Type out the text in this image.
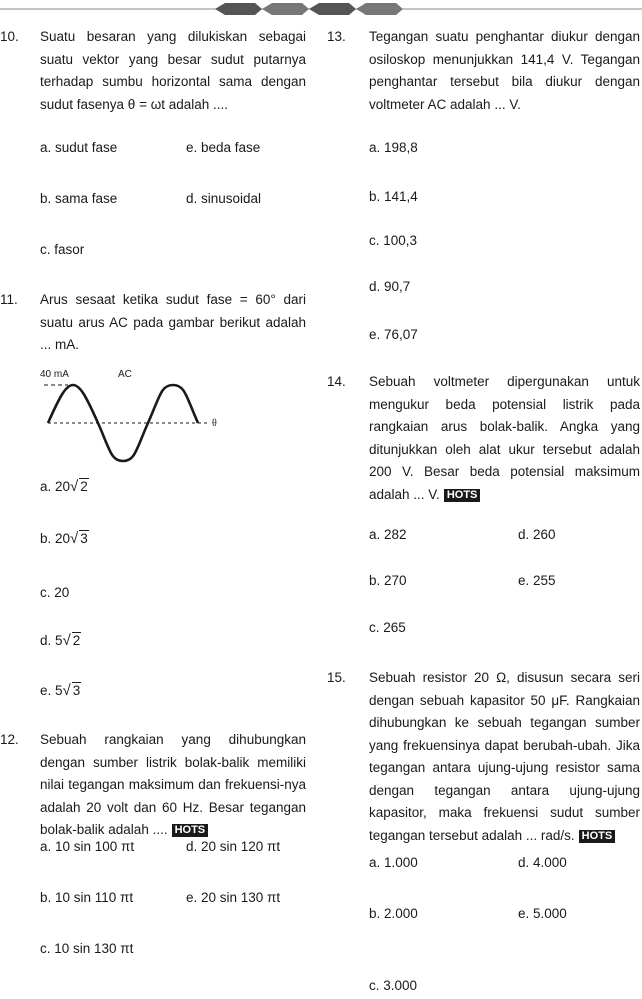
10. Suatu besaran yang dilukiskan sebagai suatu vektor yang besar sudut putarnya terhadap sumbu horizontal sama dengan sudut fasenya θ = ωt adalah ....
a. sudut fase	e. beda fase
b. sama fase	d. sinusoidal
c. fasor
11. Arus sesaat ketika sudut fase = 60° dari suatu arus AC pada gambar berikut adalah ... mA.
40 mA	AC
θ
a. 20√ 2
b. 20√ 3
c. 20
d. 5√ 2
e. 5√ 3
12. Sebuah rangkaian yang dihubungkan dengan sumber listrik bolak-balik memiliki nilai tegangan maksimum dan frekuensi-nya adalah 20 volt dan 60 Hz. Besar tegangan bolak-balik adalah .... HOTS
a. 10 sin 100 πt	d. 20 sin 120 πt
b. 10 sin 110 πt	e. 20 sin 130 πt
c. 10 sin 130 πt
13. Tegangan suatu penghantar diukur dengan osiloskop menunjukkan 141,4 V. Tegangan penghantar tersebut bila diukur dengan voltmeter AC adalah ... V.
a. 198,8
b. 141,4
c. 100,3
d. 90,7
e. 76,07
14. Sebuah voltmeter dipergunakan untuk mengukur beda potensial listrik pada rangkaian arus bolak-balik. Angka yang ditunjukkan oleh alat ukur tersebut adalah 200 V. Besar beda potensial maksimum adalah ... V. HOTS
a. 282	d. 260
b. 270	e. 255
c. 265
15. Sebuah resistor 20 Ω, disusun secara seri dengan sebuah kapasitor 50 μF. Rangkaian dihubungkan ke sebuah tegangan sumber yang frekuensinya dapat berubah-ubah. Jika tegangan antara ujung-ujung resistor sama dengan tegangan antara ujung-ujung kapasitor, maka frekuensi sudut sumber tegangan tersebut adalah ... rad/s. HOTS
a. 1.000	d. 4.000
b. 2.000	e. 5.000
c. 3.000
